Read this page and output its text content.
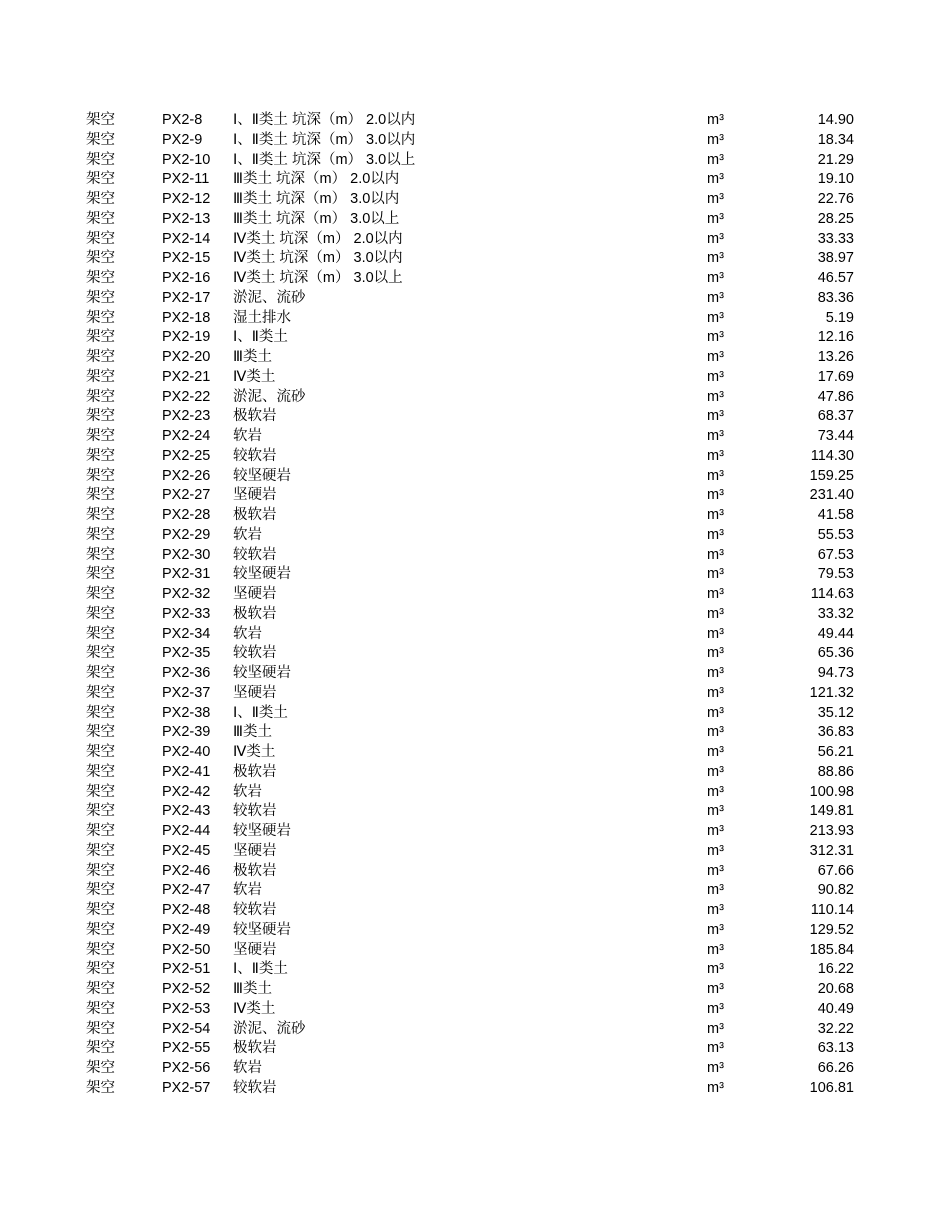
架空	PX2-8 Ⅰ、Ⅱ类土 坑深（m） 2.0以内	m³	14.90
架空	PX2-9 Ⅰ、Ⅱ类土 坑深（m） 3.0以内	m³	18.34
架空	PX2-10 Ⅰ、Ⅱ类土 坑深（m） 3.0以上	m³	21.29
架空	PX2-11 Ⅲ类土 坑深（m） 2.0以内	m³	19.10
架空	PX2-12 Ⅲ类土 坑深（m） 3.0以内	m³	22.76
架空	PX2-13 Ⅲ类土 坑深（m） 3.0以上	m³	28.25
架空	PX2-14 Ⅳ类土 坑深（m） 2.0以内	m³	33.33
架空	PX2-15 Ⅳ类土 坑深（m） 3.0以内	m³	38.97
架空	PX2-16 Ⅳ类土 坑深（m） 3.0以上	m³	46.57
架空	PX2-17 淤泥、流砂	m³	83.36
架空	PX2-18 湿土排水	m³	5.19
架空	PX2-19 Ⅰ、Ⅱ类土	m³	12.16
架空	PX2-20 Ⅲ类土	m³	13.26
架空	PX2-21 Ⅳ类土	m³	17.69
架空	PX2-22 淤泥、流砂	m³	47.86
架空	PX2-23 极软岩	m³	68.37
架空	PX2-24 软岩	m³	73.44
架空	PX2-25 较软岩	m³	114.30
架空	PX2-26 较坚硬岩	m³	159.25
架空	PX2-27 坚硬岩	m³	231.40
架空	PX2-28 极软岩	m³	41.58
架空	PX2-29 软岩	m³	55.53
架空	PX2-30 较软岩	m³	67.53
架空	PX2-31 较坚硬岩	m³	79.53
架空	PX2-32 坚硬岩	m³	114.63
架空	PX2-33 极软岩	m³	33.32
架空	PX2-34 软岩	m³	49.44
架空	PX2-35 较软岩	m³	65.36
架空	PX2-36 较坚硬岩	m³	94.73
架空	PX2-37 坚硬岩	m³	121.32
架空	PX2-38 Ⅰ、Ⅱ类土	m³	35.12
架空	PX2-39 Ⅲ类土	m³	36.83
架空	PX2-40 Ⅳ类土	m³	56.21
架空	PX2-41 极软岩	m³	88.86
架空	PX2-42 软岩	m³	100.98
架空	PX2-43 较软岩	m³	149.81
架空	PX2-44 较坚硬岩	m³	213.93
架空	PX2-45 坚硬岩	m³	312.31
架空	PX2-46 极软岩	m³	67.66
架空	PX2-47 软岩	m³	90.82
架空	PX2-48 较软岩	m³	110.14
架空	PX2-49 较坚硬岩	m³	129.52
架空	PX2-50 坚硬岩	m³	185.84
架空	PX2-51 Ⅰ、Ⅱ类土	m³	16.22
架空	PX2-52 Ⅲ类土	m³	20.68
架空	PX2-53 Ⅳ类土	m³	40.49
架空	PX2-54 淤泥、流砂	m³	32.22
架空	PX2-55 极软岩	m³	63.13
架空	PX2-56 软岩	m³	66.26
架空	PX2-57 较软岩	m³	106.81
